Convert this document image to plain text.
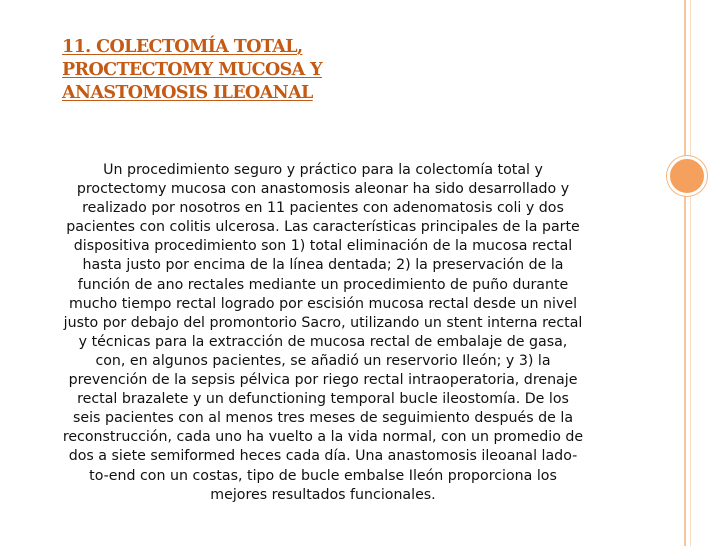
11. COLECTOMÍA TOTAL,
PROCTECTOMY MUCOSA Y
ANASTOMOSIS ILEOANAL
Un procedimiento seguro y práctico para la colectomía total y proctectomy mucosa con anastomosis aleonar ha sido desarrollado y realizado por nosotros en 11 pacientes con adenomatosis coli y dos pacientes con colitis ulcerosa. Las características principales de la parte dispositiva procedimiento son 1) total eliminación de la mucosa rectal hasta justo por encima de la línea dentada; 2) la preservación de la función de ano rectales mediante un procedimiento de puño durante mucho tiempo rectal logrado por escisión mucosa rectal desde un nivel justo por debajo del promontorio Sacro, utilizando un stent interna rectal y técnicas para la extracción de mucosa rectal de embalaje de gasa, con, en algunos pacientes, se añadió un reservorio Ileón; y 3) la prevención de la sepsis pélvica por riego rectal intraoperatoria, drenaje rectal brazalete y un defunctioning temporal bucle ileostomía. De los seis pacientes con al menos tres meses de seguimiento después de la reconstrucción, cada uno ha vuelto a la vida normal, con un promedio de dos a siete semiformed heces cada día. Una anastomosis ileoanal lado-to-end con un costas, tipo de bucle embalse Ileón proporciona los mejores resultados funcionales.
